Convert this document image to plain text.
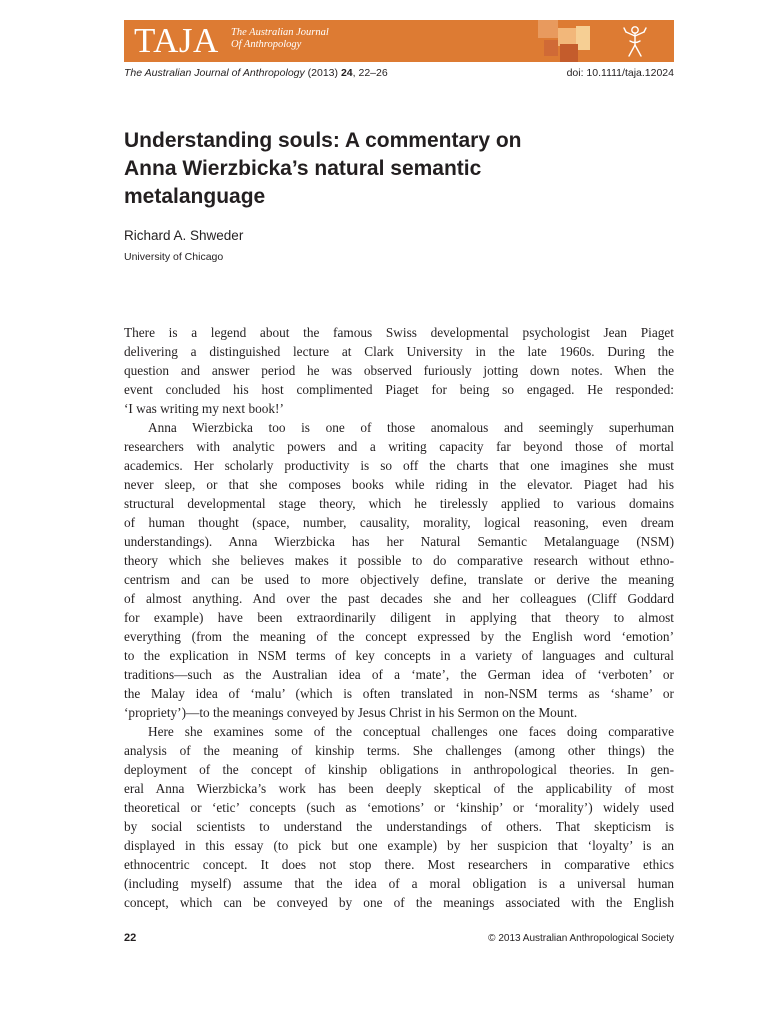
TAJA The Australian Journal
Of Anthropology
The Australian Journal of Anthropology (2013) 24, 22–26	doi: 10.1111/taja.12024
Understanding souls: A commentary on
Anna Wierzbicka’s natural semantic
metalanguage
Richard A. Shweder
University of Chicago
There is a legend about the famous Swiss developmental psychologist Jean Piaget
delivering a distinguished lecture at Clark University in the late 1960s. During the
question and answer period he was observed furiously jotting down notes. When the
event concluded his host complimented Piaget for being so engaged. He responded:
‘I was writing my next book!’
Anna Wierzbicka too is one of those anomalous and seemingly superhuman
researchers with analytic powers and a writing capacity far beyond those of mortal
academics. Her scholarly productivity is so off the charts that one imagines she must
never sleep, or that she composes books while riding in the elevator. Piaget had his
structural developmental stage theory, which he tirelessly applied to various domains
of human thought (space, number, causality, morality, logical reasoning, even dream
understandings). Anna Wierzbicka has her Natural Semantic Metalanguage (NSM)
theory which she believes makes it possible to do comparative research without ethno-
centrism and can be used to more objectively define, translate or derive the meaning
of almost anything. And over the past decades she and her colleagues (Cliff Goddard
for example) have been extraordinarily diligent in applying that theory to almost
everything (from the meaning of the concept expressed by the English word ‘emotion’
to the explication in NSM terms of key concepts in a variety of languages and cultural
traditions—such as the Australian idea of a ‘mate’, the German idea of ‘verboten’ or
the Malay idea of ‘malu’ (which is often translated in non-NSM terms as ‘shame’ or
‘propriety’)—to the meanings conveyed by Jesus Christ in his Sermon on the Mount.
Here she examines some of the conceptual challenges one faces doing comparative
analysis of the meaning of kinship terms. She challenges (among other things) the
deployment of the concept of kinship obligations in anthropological theories. In gen-
eral Anna Wierzbicka’s work has been deeply skeptical of the applicability of most
theoretical or ‘etic’ concepts (such as ‘emotions’ or ‘kinship’ or ‘morality’) widely used
by social scientists to understand the understandings of others. That skepticism is
displayed in this essay (to pick but one example) by her suspicion that ‘loyalty’ is an
ethnocentric concept. It does not stop there. Most researchers in comparative ethics
(including myself) assume that the idea of a moral obligation is a universal human
concept, which can be conveyed by one of the meanings associated with the English
22	© 2013 Australian Anthropological Society
